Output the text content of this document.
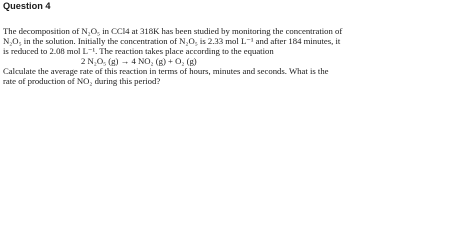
Question 4
The decomposition of N₂O₅ in CCl4 at 318K has been studied by monitoring the concentration of
N₂O₅ in the solution. Initially the concentration of N₂O₅ is 2.33 mol L⁻¹ and after 184 minutes, it
is reduced to 2.08 mol L⁻¹. The reaction takes place according to the equation
2 N₂O₅ (g) → 4 NO₂ (g) + O₂ (g)
Calculate the average rate of this reaction in terms of hours, minutes and seconds. What is the
rate of production of NO₂ during this period?
